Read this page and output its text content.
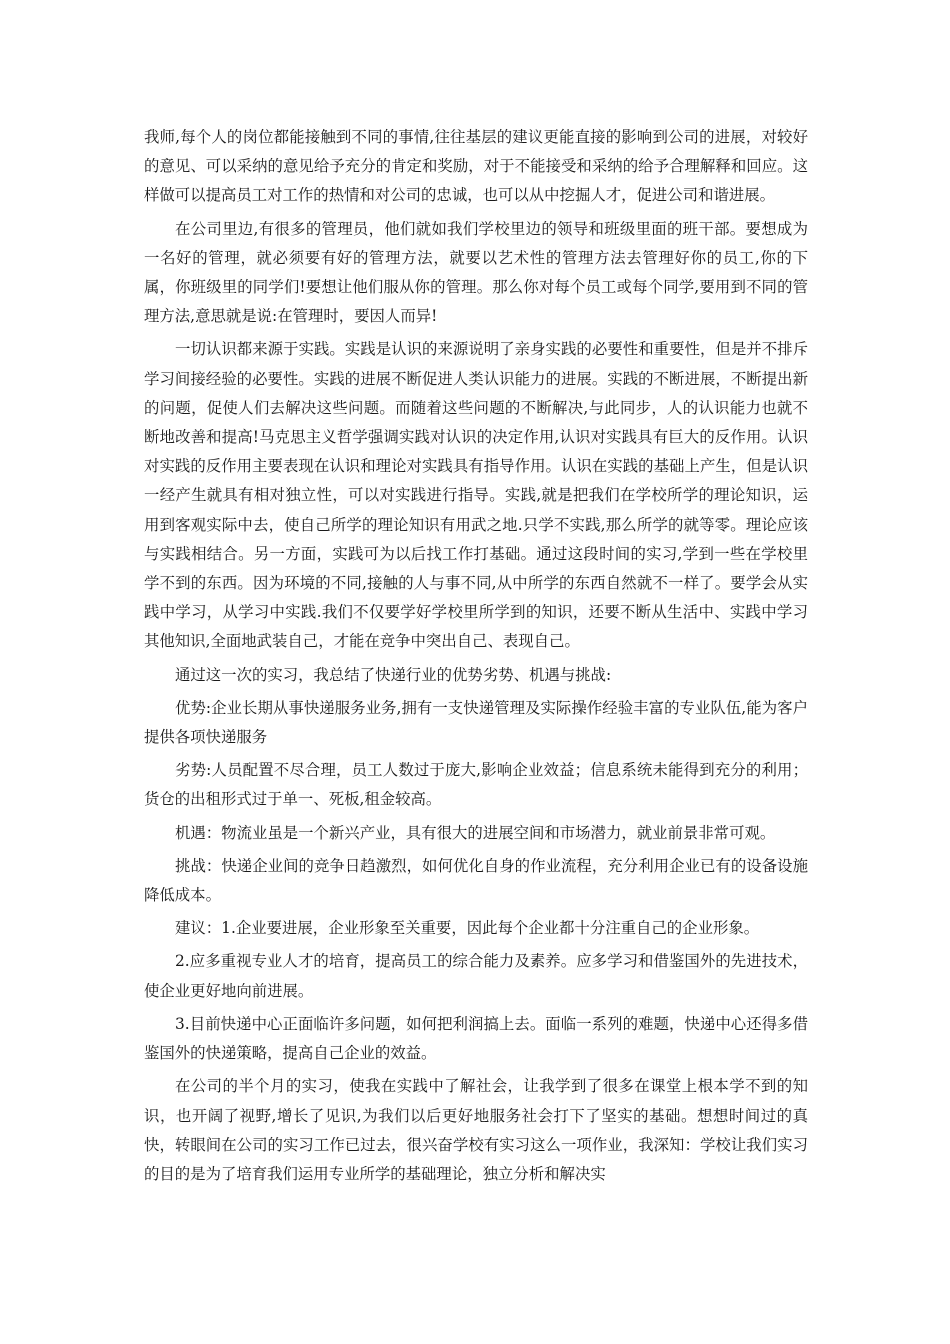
我师,每个人的岗位都能接触到不同的事情,往往基层的建议更能直接的影响到公司的进展，对较好的意见、可以采纳的意见给予充分的肯定和奖励，对于不能接受和采纳的给予合理解释和回应。这样做可以提高员工对工作的热情和对公司的忠诚，也可以从中挖掘人才，促进公司和谐进展。

在公司里边,有很多的管理员，他们就如我们学校里边的领导和班级里面的班干部。要想成为一名好的管理，就必须要有好的管理方法，就要以艺术性的管理方法去管理好你的员工,你的下属，你班级里的同学们!要想让他们服从你的管理。那么你对每个员工或每个同学,要用到不同的管理方法,意思就是说:在管理时，要因人而异!

一切认识都来源于实践。实践是认识的来源说明了亲身实践的必要性和重要性，但是并不排斥学习间接经验的必要性。实践的进展不断促进人类认识能力的进展。实践的不断进展，不断提出新的问题，促使人们去解决这些问题。而随着这些问题的不断解决,与此同步，人的认识能力也就不断地改善和提高!马克思主义哲学强调实践对认识的决定作用,认识对实践具有巨大的反作用。认识对实践的反作用主要表现在认识和理论对实践具有指导作用。认识在实践的基础上产生，但是认识一经产生就具有相对独立性，可以对实践进行指导。实践,就是把我们在学校所学的理论知识，运用到客观实际中去，使自己所学的理论知识有用武之地.只学不实践,那么所学的就等零。理论应该与实践相结合。另一方面，实践可为以后找工作打基础。通过这段时间的实习,学到一些在学校里学不到的东西。因为环境的不同,接触的人与事不同,从中所学的东西自然就不一样了。要学会从实践中学习，从学习中实践.我们不仅要学好学校里所学到的知识，还要不断从生活中、实践中学习其他知识,全面地武装自己，才能在竞争中突出自己、表现自己。

通过这一次的实习，我总结了快递行业的优势劣势、机遇与挑战:

优势:企业长期从事快递服务业务,拥有一支快递管理及实际操作经验丰富的专业队伍,能为客户提供各项快递服务

劣势:人员配置不尽合理，员工人数过于庞大,影响企业效益；信息系统未能得到充分的利用；货仓的出租形式过于单一、死板,租金较高。

机遇：物流业虽是一个新兴产业，具有很大的进展空间和市场潜力，就业前景非常可观。

挑战：快递企业间的竞争日趋激烈，如何优化自身的作业流程，充分利用企业已有的设备设施降低成本。

建议：1.企业要进展，企业形象至关重要，因此每个企业都十分注重自己的企业形象。

2.应多重视专业人才的培育，提高员工的综合能力及素养。应多学习和借鉴国外的先进技术，使企业更好地向前进展。

3.目前快递中心正面临许多问题，如何把利润搞上去。面临一系列的难题，快递中心还得多借鉴国外的快递策略，提高自己企业的效益。

在公司的半个月的实习，使我在实践中了解社会，让我学到了很多在课堂上根本学不到的知识，也开阔了视野,增长了见识,为我们以后更好地服务社会打下了坚实的基础。想想时间过的真快，转眼间在公司的实习工作已过去，很兴奋学校有实习这么一项作业，我深知：学校让我们实习的目的是为了培育我们运用专业所学的基础理论，独立分析和解决实
